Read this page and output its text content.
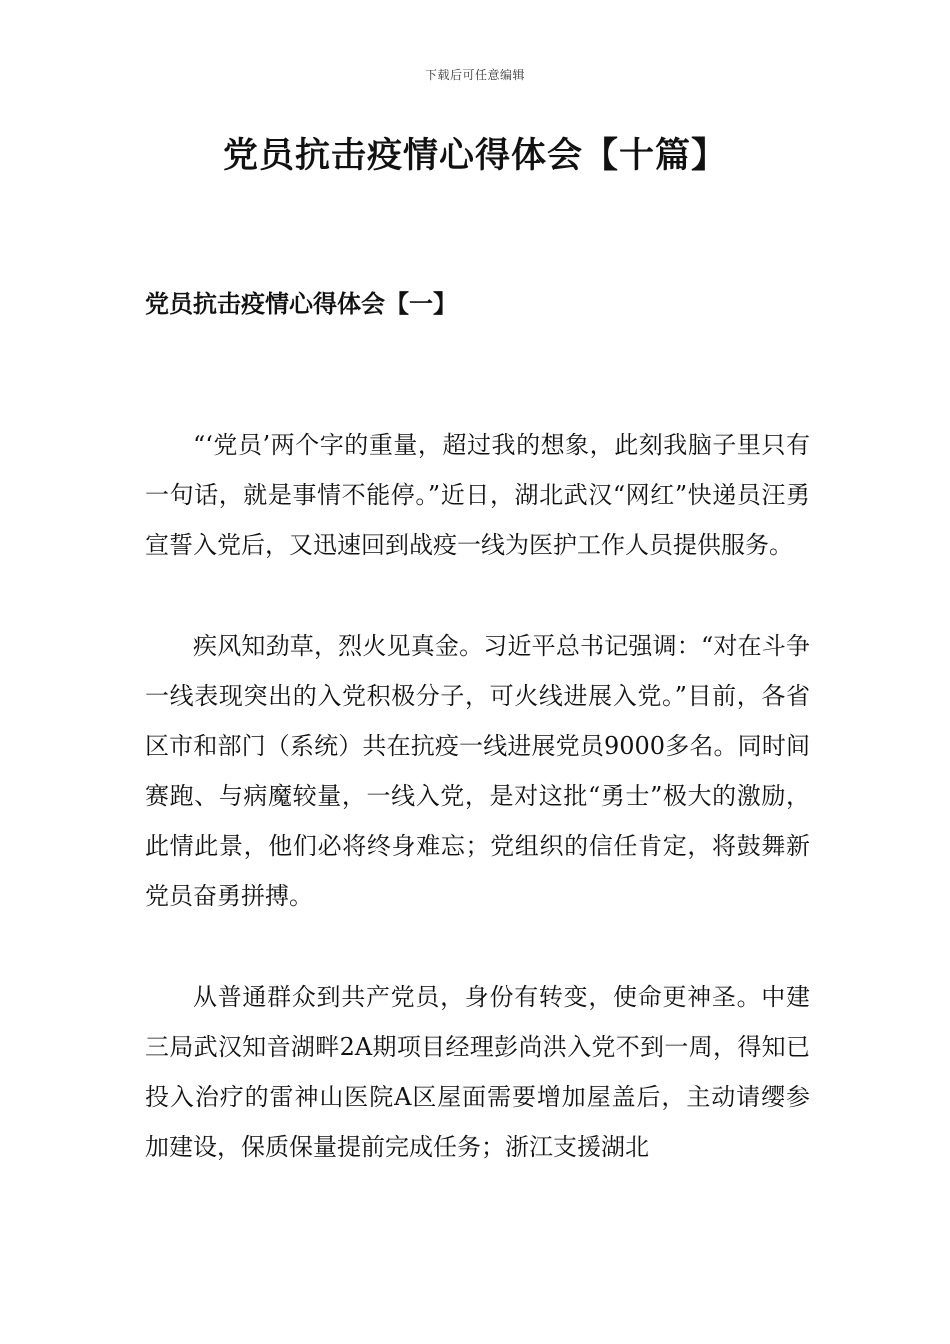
下载后可任意编辑
党员抗击疫情心得体会【十篇】
党员抗击疫情心得体会【一】

“‘党员’两个字的重量，超过我的想象，此刻我脑子里只有一句话，就是事情不能停。”近日，湖北武汉“网红”快递员汪勇宣誓入党后，又迅速回到战疫一线为医护工作人员提供服务。

疾风知劲草，烈火见真金。习近平总书记强调：“对在斗争一线表现突出的入党积极分子，可火线进展入党。”目前，各省区市和部门（系统）共在抗疫一线进展党员9000多名。同时间赛跑、与病魔较量，一线入党，是对这批“勇士”极大的激励，此情此景，他们必将终身难忘；党组织的信任肯定，将鼓舞新党员奋勇拼搏。

从普通群众到共产党员，身份有转变，使命更神圣。中建三局武汉知音湖畔2A期项目经理彭尚洪入党不到一周，得知已投入治疗的雷神山医院A区屋面需要增加屋盖后，主动请缨参加建设，保质保量提前完成任务；浙江支援湖北
